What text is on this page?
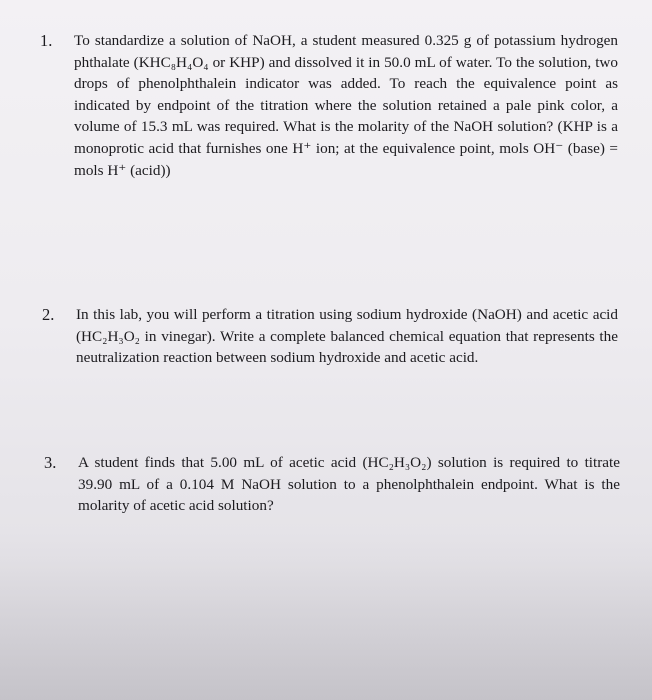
1. To standardize a solution of NaOH, a student measured 0.325 g of potassium hydrogen phthalate (KHC₈H₄O₄ or KHP) and dissolved it in 50.0 mL of water. To the solution, two drops of phenolphthalein indicator was added. To reach the equivalence point as indicated by endpoint of the titration where the solution retained a pale pink color, a volume of 15.3 mL was required. What is the molarity of the NaOH solution? (KHP is a monoprotic acid that furnishes one H⁺ ion; at the equivalence point, mols OH⁻ (base) = mols H⁺ (acid))
2. In this lab, you will perform a titration using sodium hydroxide (NaOH) and acetic acid (HC₂H₃O₂ in vinegar). Write a complete balanced chemical equation that represents the neutralization reaction between sodium hydroxide and acetic acid.
3. A student finds that 5.00 mL of acetic acid (HC₂H₃O₂) solution is required to titrate 39.90 mL of a 0.104 M NaOH solution to a phenolphthalein endpoint. What is the molarity of acetic acid solution?
